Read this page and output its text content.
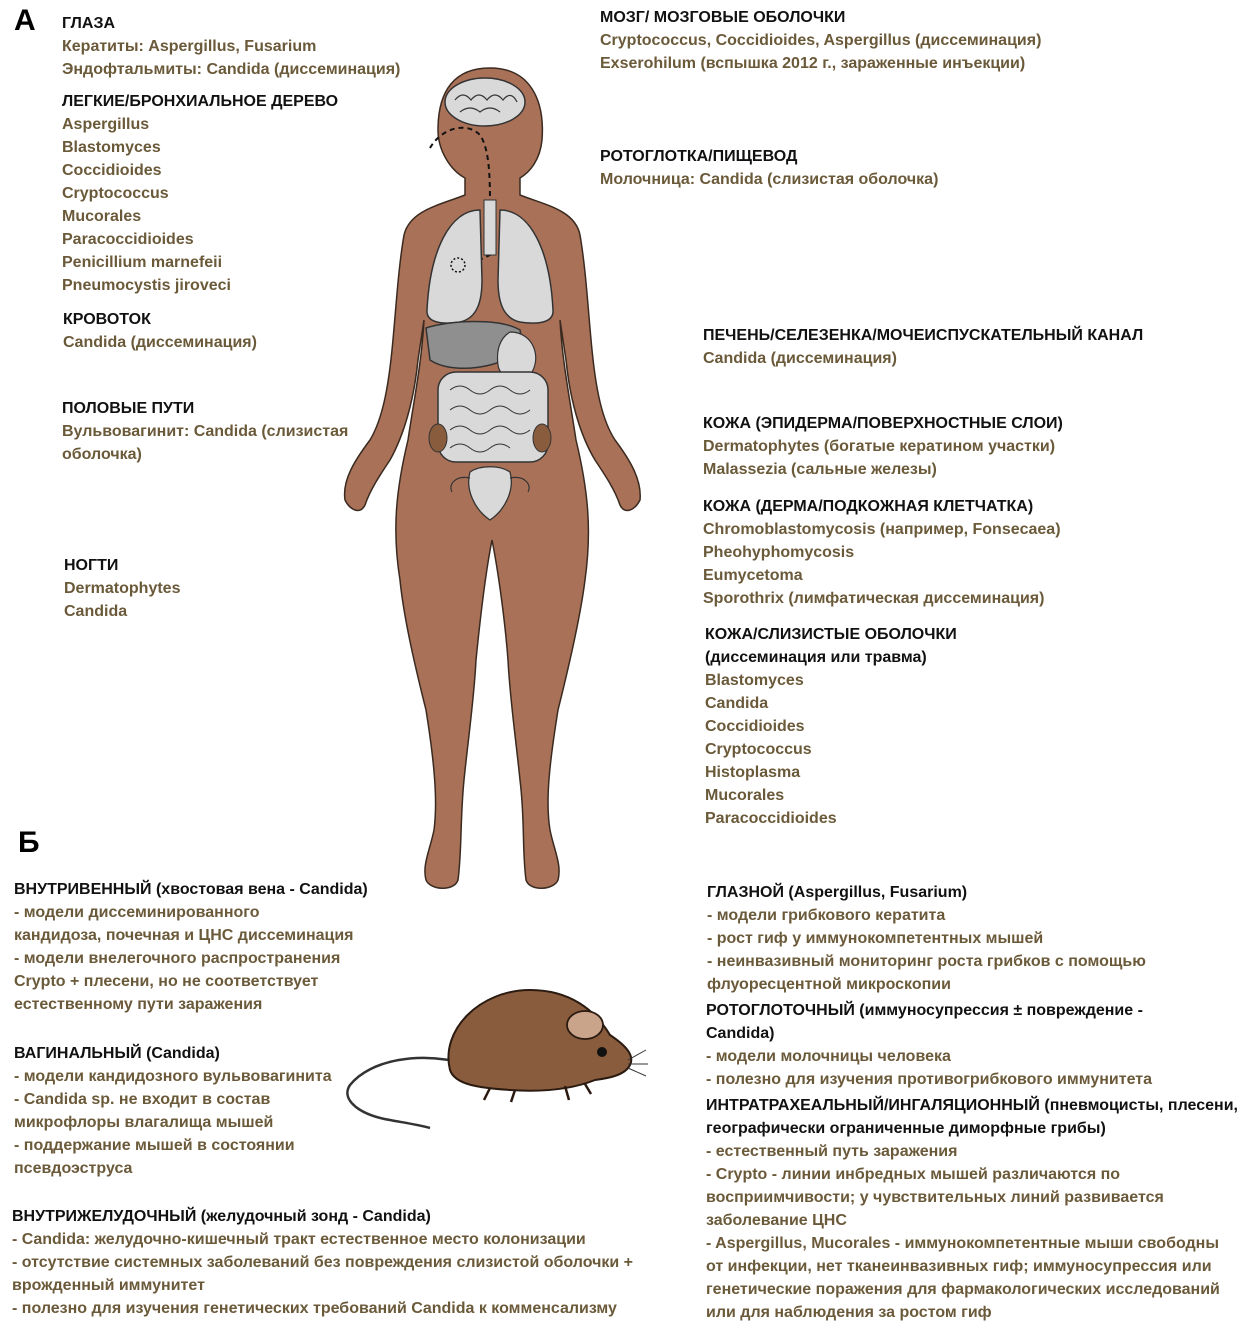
А
Б
ГЛАЗА
Кератиты: Aspergillus, Fusarium
Эндофтальмиты: Candida (диссеминация)
ЛЕГКИЕ/БРОНХИАЛЬНОЕ ДЕРЕВО
Aspergillus
Blastomyces
Coccidioides
Cryptococcus
Mucorales
Paracoccidioides
Penicillium marnefeii
Pneumocystis jiroveci
КРОВОТОК
Candida (диссеминация)
ПОЛОВЫЕ ПУТИ
Вульвовагинит: Candida (слизистая
оболочка)
НОГТИ
Dermatophytes
Candida
МОЗГ/ МОЗГОВЫЕ ОБОЛОЧКИ
Cryptococcus, Coccidioides, Aspergillus (диссеминация)
Exserohilum (вспышка 2012 г., зараженные инъекции)
РОТОГЛОТКА/ПИЩЕВОД
Молочница: Candida (слизистая оболочка)
ПЕЧЕНЬ/СЕЛЕЗЕНКА/МОЧЕИСПУСКАТЕЛЬНЫЙ КАНАЛ
Candida (диссеминация)
КОЖА (ЭПИДЕРМА/ПОВЕРХНОСТНЫЕ СЛОИ)
Dermatophytes (богатые кератином участки)
Malassezia (сальные железы)
КОЖА (ДЕРМА/ПОДКОЖНАЯ КЛЕТЧАТКА)
Chromoblastomycosis (например, Fonsecaea)
Pheohyphomycosis
Eumycetoma
Sporothrix (лимфатическая диссеминация)
КОЖА/СЛИЗИСТЫЕ ОБОЛОЧКИ
(диссеминация или травма)
Blastomyces
Candida
Coccidioides
Cryptococcus
Histoplasma
Mucorales
Paracoccidioides
ВНУТРИВЕННЫЙ (хвостовая вена - Candida)
- модели диссеминированного
кандидоза, почечная и ЦНС диссеминация
- модели внелегочного распространения
Crypto + плесени, но не соответствует
естественному пути заражения
ВАГИНАЛЬНЫЙ (Candida)
- модели кандидозного вульвовагинита
- Candida sp. не входит в состав
микрофлоры влагалища мышей
- поддержание мышей в состоянии
псевдоэструса
ВНУТРИЖЕЛУДОЧНЫЙ (желудочный зонд - Candida)
- Candida: желудочно-кишечный тракт естественное место колонизации
- отсутствие системных заболеваний без повреждения слизистой оболочки +
врожденный иммунитет
- полезно для изучения генетических требований Candida к комменсализму
ГЛАЗНОЙ (Aspergillus, Fusarium)
- модели грибкового кератита
- рост гиф у иммунокомпетентных мышей
- неинвазивный мониторинг роста грибков с помощью
флуоресцентной микроскопии
РОТОГЛОТОЧНЫЙ (иммуносупрессия ± повреждение -
Candida)
- модели молочницы человека
- полезно для изучения противогрибкового иммунитета
ИНТРАТРАХЕАЛЬНЫЙ/ИНГАЛЯЦИОННЫЙ (пневмоцисты, плесени,
географически ограниченные диморфные грибы)
- естественный путь заражения
- Crypto - линии инбредных мышей различаются по
восприимчивости; у чувствительных линий развивается
заболевание ЦНС
- Aspergillus, Mucorales - иммунокомпетентные мыши свободны
от инфекции, нет тканеинвазивных гиф; иммуносупрессия или
генетические поражения для фармакологических исследований
или для наблюдения за ростом гиф
